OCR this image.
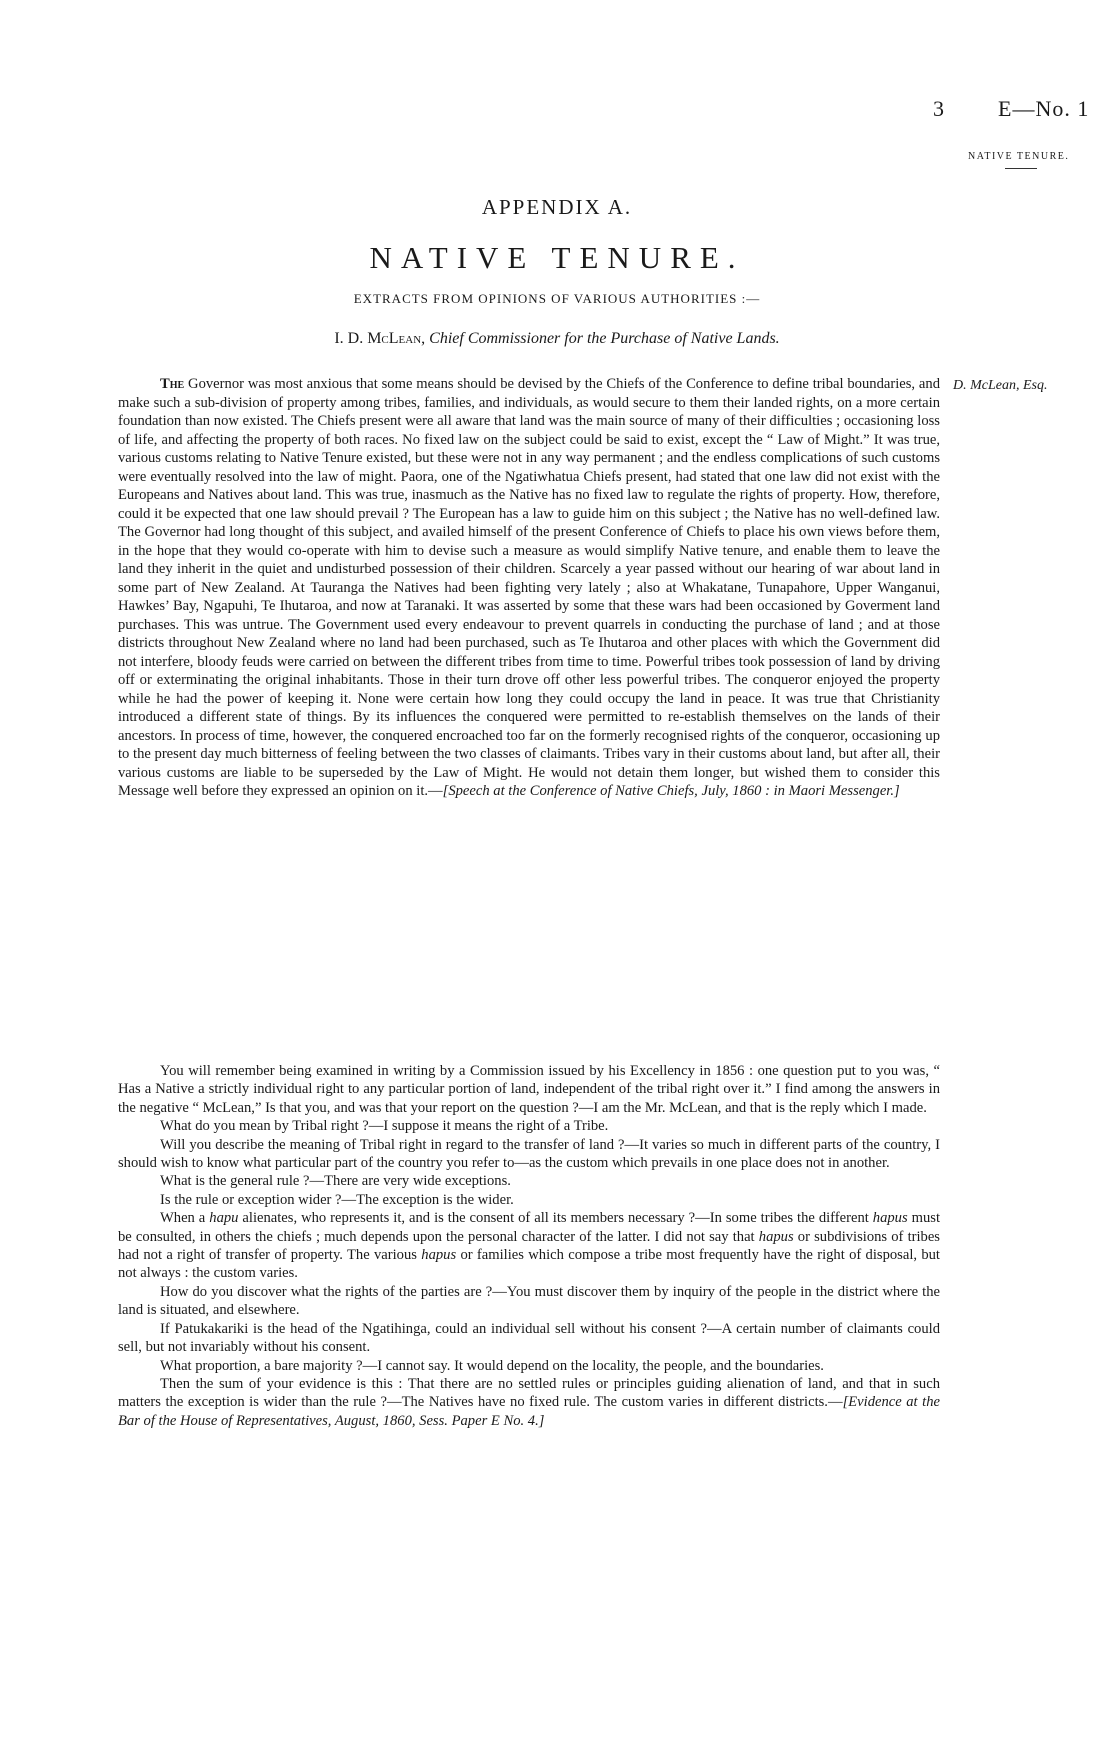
3 E—No. 1
NATIVE TENURE.
APPENDIX A.
NATIVE TENURE.
EXTRACTS FROM OPINIONS OF VARIOUS AUTHORITIES :—
I. D. McLean, Chief Commissioner for the Purchase of Native Lands.
D. McLean, Esq.

The Governor was most anxious that some means should be devised by the Chiefs of the Conference to define tribal boundaries, and make such a sub-division of property among tribes, families, and individuals, as would secure to them their landed rights, on a more certain foundation than now existed. The Chiefs present were all aware that land was the main source of many of their difficulties ; occasioning loss of life, and affecting the property of both races. No fixed law on the subject could be said to exist, except the “ Law of Might.” It was true, various customs relating to Native Tenure existed, but these were not in any way permanent ; and the endless complications of such customs were eventually resolved into the law of might. Paora, one of the Ngatiwhatua Chiefs present, had stated that one law did not exist with the Europeans and Natives about land. This was true, inasmuch as the Native has no fixed law to regulate the rights of property. How, therefore, could it be expected that one law should prevail ? The European has a law to guide him on this subject ; the Native has no well-defined law. The Governor had long thought of this subject, and availed himself of the present Conference of Chiefs to place his own views before them, in the hope that they would co-operate with him to devise such a measure as would simplify Native tenure, and enable them to leave the land they inherit in the quiet and undisturbed possession of their children. Scarcely a year passed without our hearing of war about land in some part of New Zealand. At Tauranga the Natives had been fighting very lately ; also at Whakatane, Tunapahore, Upper Wanganui, Hawkes’ Bay, Ngapuhi, Te Ihutaroa, and now at Taranaki. It was asserted by some that these wars had been occasioned by Goverment land purchases. This was untrue. The Government used every endeavour to prevent quarrels in conducting the purchase of land ; and at those districts throughout New Zealand where no land had been purchased, such as Te Ihutaroa and other places with which the Government did not interfere, bloody feuds were carried on between the different tribes from time to time. Powerful tribes took possession of land by driving off or exterminating the original inhabitants. Those in their turn drove off other less powerful tribes. The conqueror enjoyed the property while he had the power of keeping it. None were certain how long they could occupy the land in peace. It was true that Christianity introduced a different state of things. By its influences the conquered were permitted to re-establish themselves on the lands of their ancestors. In process of time, however, the conquered encroached too far on the formerly recognised rights of the conqueror, occasioning up to the present day much bitterness of feeling between the two classes of claimants. Tribes vary in their customs about land, but after all, their various customs are liable to be superseded by the Law of Might. He would not detain them longer, but wished them to consider this Message well before they expressed an opinion on it.—[Speech at the Conference of Native Chiefs, July, 1860 : in Maori Messenger.]

You will remember being examined in writing by a Commission issued by his Excellency in 1856 : one question put to you was, “ Has a Native a strictly individual right to any particular portion of land, independent of the tribal right over it.” I find among the answers in the negative “ McLean,” Is that you, and was that your report on the question ?—I am the Mr. McLean, and that is the reply which I made.

What do you mean by Tribal right ?—I suppose it means the right of a Tribe.

Will you describe the meaning of Tribal right in regard to the transfer of land ?—It varies so much in different parts of the country, I should wish to know what particular part of the country you refer to—as the custom which prevails in one place does not in another.

What is the general rule ?—There are very wide exceptions.

Is the rule or exception wider ?—The exception is the wider.

When a hapu alienates, who represents it, and is the consent of all its members necessary ?—In some tribes the different hapus must be consulted, in others the chiefs ; much depends upon the personal character of the latter. I did not say that hapus or subdivisions of tribes had not a right of transfer of property. The various hapus or families which compose a tribe most frequently have the right of disposal, but not always : the custom varies.

How do you discover what the rights of the parties are ?—You must discover them by inquiry of the people in the district where the land is situated, and elsewhere.

If Patukakariki is the head of the Ngatihinga, could an individual sell without his consent ?—A certain number of claimants could sell, but not invariably without his consent.

What proportion, a bare majority ?—I cannot say. It would depend on the locality, the people, and the boundaries.

Then the sum of your evidence is this : That there are no settled rules or principles guiding alienation of land, and that in such matters the exception is wider than the rule ?—The Natives have no fixed rule. The custom varies in different districts.—[Evidence at the Bar of the House of Representatives, August, 1860, Sess. Paper E No. 4.]
